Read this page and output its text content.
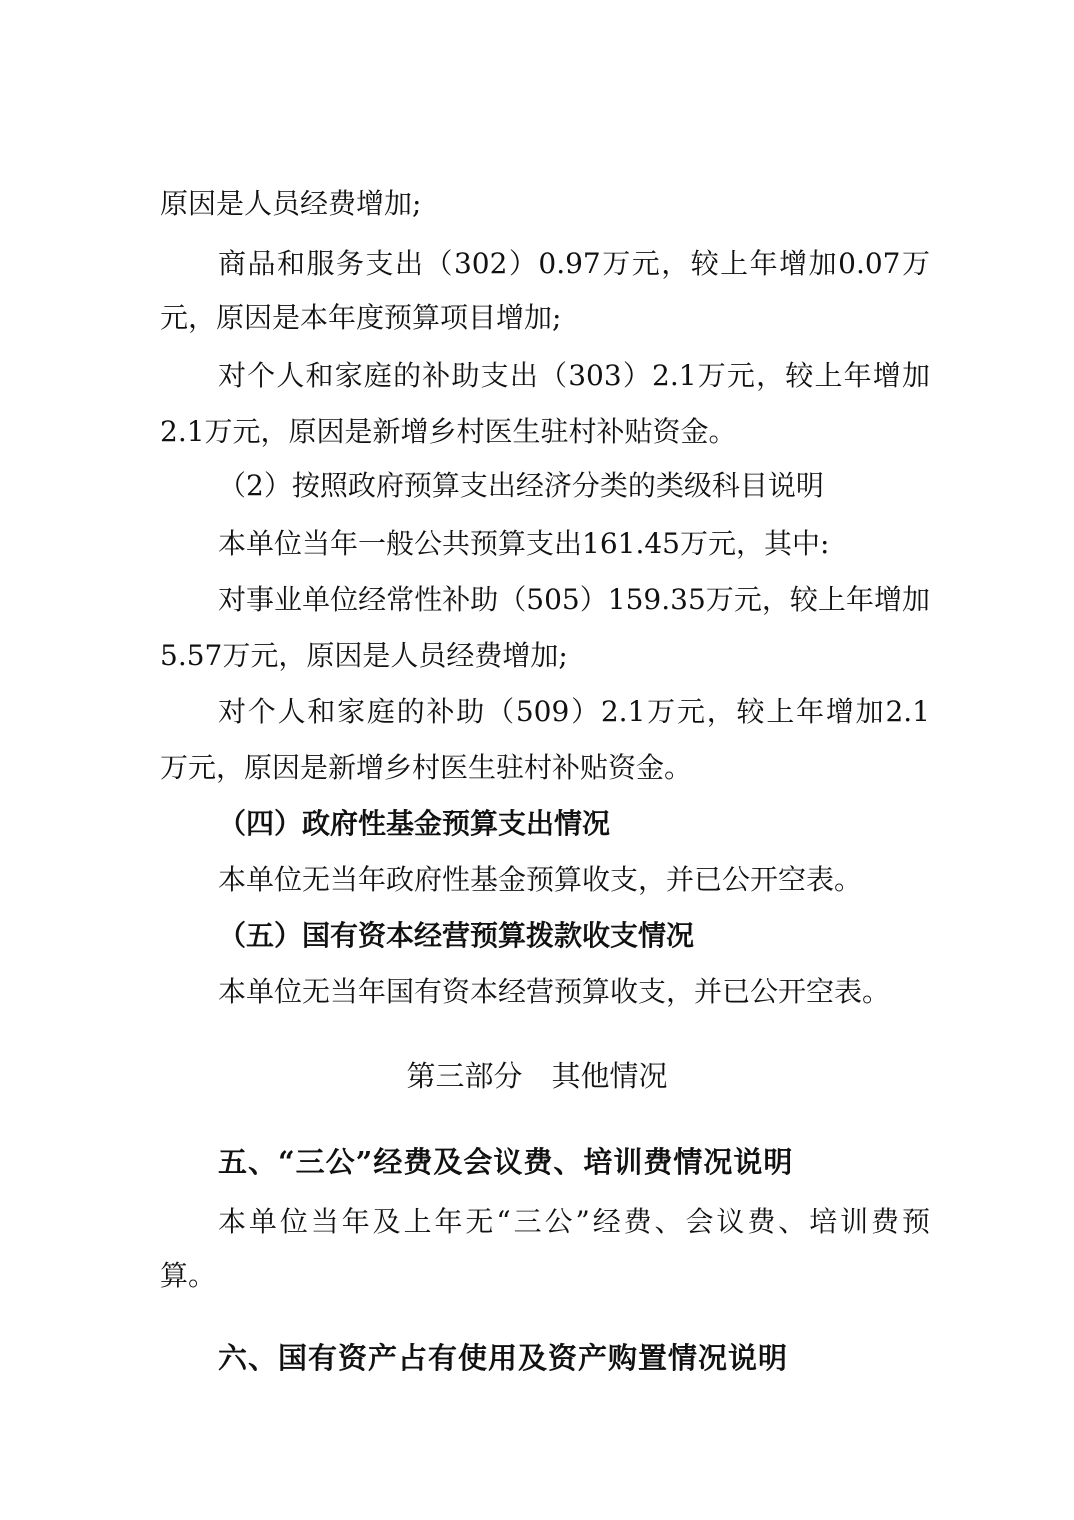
原因是人员经费增加;
商品和服务支出（302）0.97万元，较上年增加0.07万
元，原因是本年度预算项目增加;
对个人和家庭的补助支出（303）2.1万元，较上年增加
2.1万元，原因是新增乡村医生驻村补贴资金。
（2）按照政府预算支出经济分类的类级科目说明
本单位当年一般公共预算支出161.45万元，其中:
对事业单位经常性补助（505）159.35万元，较上年增加
5.57万元，原因是人员经费增加;
对个人和家庭的补助（509）2.1万元，较上年增加2.1
万元，原因是新增乡村医生驻村补贴资金。
（四）政府性基金预算支出情况
本单位无当年政府性基金预算收支，并已公开空表。
（五）国有资本经营预算拨款收支情况
本单位无当年国有资本经营预算收支，并已公开空表。
第三部分　其他情况
五、“三公”经费及会议费、培训费情况说明
本单位当年及上年无“三公”经费、会议费、培训费预
算。
六、国有资产占有使用及资产购置情况说明
